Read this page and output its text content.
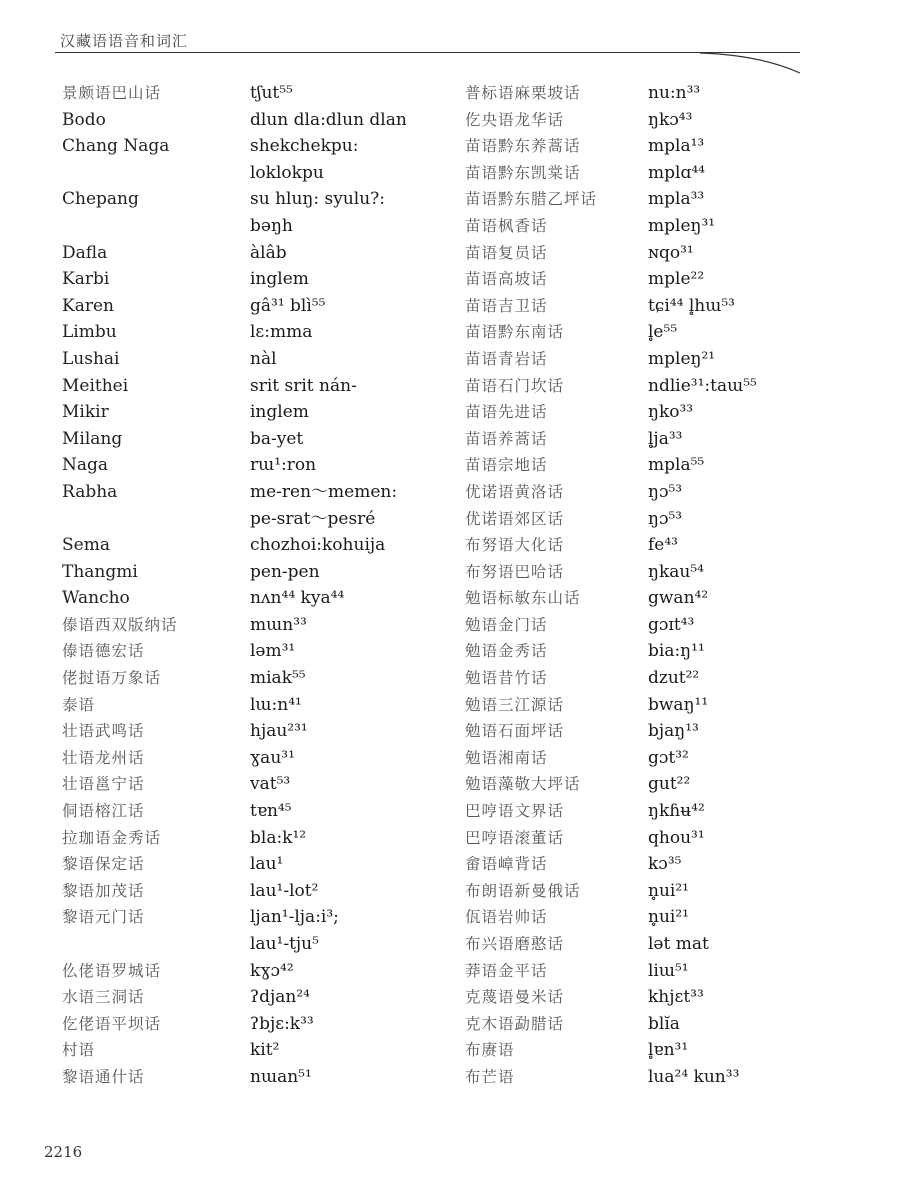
汉藏语语音和词汇
景颇语巴山话
Bodo
Chang Naga

Chepang

Dafla
Karbi
Karen
Limbu
Lushai
Meithei
Mikir
Milang
Naga
Rabha

Sema
Thangmi
Wancho
傣语西双版纳话
傣语德宏话
佬挝语万象话
泰语
壮语武鸣话
壮语龙州话
壮语邕宁话
侗语榕江话
拉珈语金秀话
黎语保定话
黎语加茂话
黎语元门话

仫佬语罗城话
水语三洞话
仡佬语平坝话
村语
黎语通什话
tʃut⁵⁵
dlun dla:dlun dlan
shekchekpu:
loklokpu
su hluŋ: syulu?:
bəŋh
àlâb
inglem
gâ³¹ blì⁵⁵
lɛ:mma
nàl
srit srit nán-
inglem
ba-yet
rɯ¹:ron
me-ren～memen:
pe-srat～pesré
chozhoi:kohuija
pen-pen
nʌn⁴⁴ kya⁴⁴
mɯn³³
ləm³¹
miak⁵⁵
lɯ:n⁴¹
hjau²³¹
ɣau³¹
vat⁵³
tɐn⁴⁵
bla:k¹²
lau¹
lau¹-lot²
ljan¹-lja:i³;
lau¹-tju⁵
kɣɔ⁴²
ʔdjan²⁴
ʔbjɛ:k³³
kit²
nɯan⁵¹
普标语麻栗坡话
仡央语龙华话
苗语黔东养蒿话
苗语黔东凯棠话
苗语黔东腊乙坪话
苗语枫香话
苗语复员话
苗语高坡话
苗语吉卫话
苗语黔东南话
苗语青岩话
苗语石门坎话
苗语先进话
苗语养蒿话
苗语宗地话
优诺语黄洛话
优诺语郊区话
布努语大化话
布努语巴哈话
勉语标敏东山话
勉语金门话
勉语金秀话
勉语昔竹话
勉语三江源话
勉语石面坪话
勉语湘南话
勉语藻敬大坪话
巴哼语文界话
巴哼语滚董话
畲语嶂背话
布朗语新曼俄话
佤语岩帅话
布兴语磨憨话
莽语金平话
克蔑语曼米话
克木语勐腊话
布赓语
布芒语
nu:n³³
ŋkɔ⁴³
mpla¹³
mplɑ⁴⁴
mpla³³
mpleŋ³¹
ɴqo³¹
mple²²
tɕi⁴⁴ l̥hɯ⁵³
l̥e⁵⁵
mpleŋ²¹
ndlie³¹:taɯ⁵⁵
ŋko³³
l̥ja³³
mpla⁵⁵
ŋɔ⁵³
ŋɔ⁵³
fe⁴³
ŋkau⁵⁴
gwan⁴²
gɔɪt⁴³
bia:ŋ¹¹
dzut²²
bwaŋ¹¹
bjaŋ¹³
gɔt³²
gut²²
ŋkɦʉ⁴²
qhou³¹
kɔ³⁵
n̥ui²¹
n̥ui²¹
lət mat
liɯ⁵¹
khjɛt³³
blĭa
l̥ɐn³¹
lua²⁴ kun³³
2216
